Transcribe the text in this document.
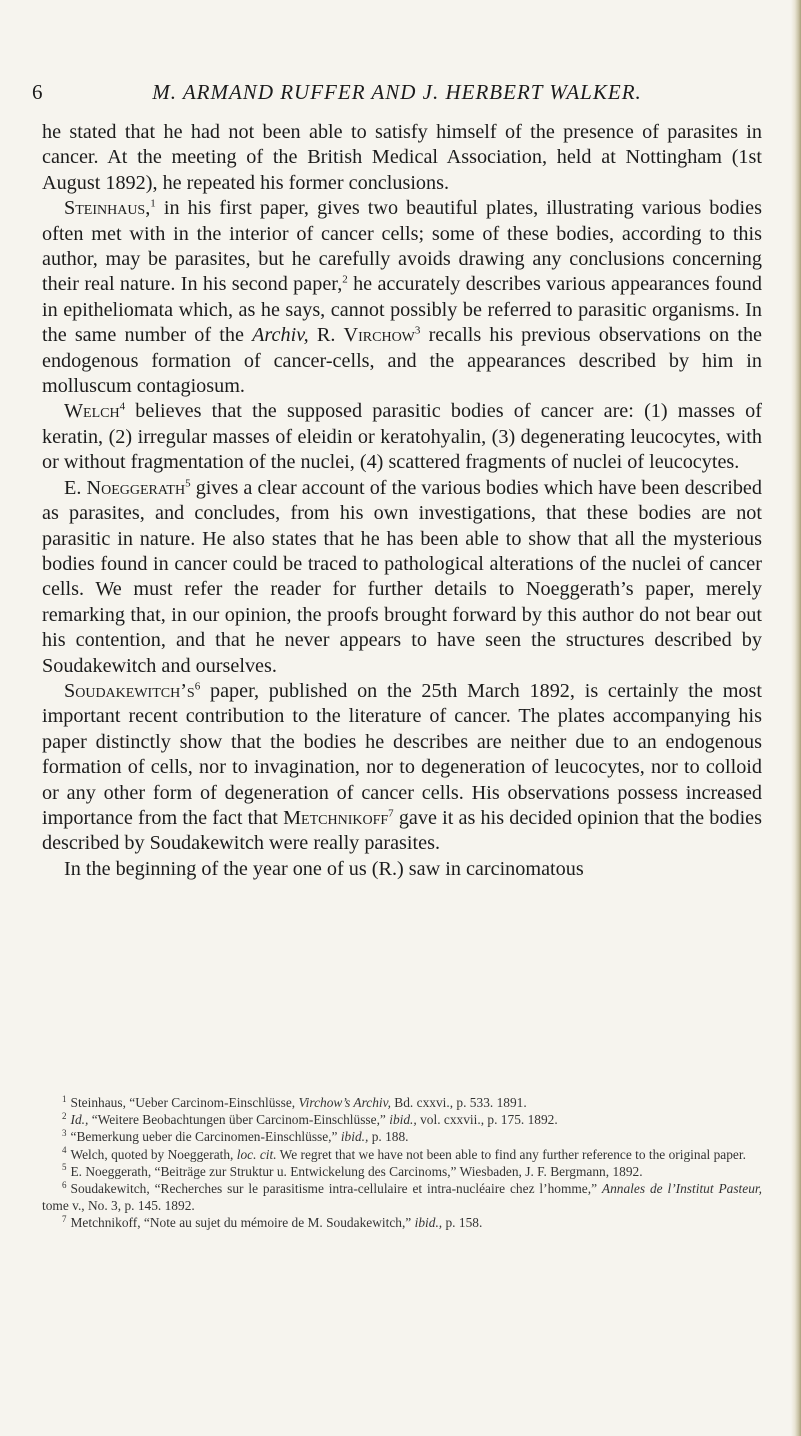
6	M. ARMAND RUFFER AND J. HERBERT WALKER.

he stated that he had not been able to satisfy himself of the presence of parasites in cancer. At the meeting of the British Medical Association, held at Nottingham (1st August 1892), he repeated his former conclusions.

Steinhaus,$^1$ in his first paper, gives two beautiful plates, illustrating various bodies often met with in the interior of cancer cells; some of these bodies, according to this author, may be parasites, but he carefully avoids drawing any conclusions concerning their real nature. In his second paper,$^2$ he accurately describes various appearances found in epitheliomata which, as he says, cannot possibly be referred to parasitic organisms. In the same number of the Archiv, R. Virchow$^3$ recalls his previous observations on the endogenous formation of cancer-cells, and the appearances described by him in molluscum contagiosum.

Welch$^4$ believes that the supposed parasitic bodies of cancer are: (1) masses of keratin, (2) irregular masses of eleidin or keratohyalin, (3) degenerating leucocytes, with or without fragmentation of the nuclei, (4) scattered fragments of nuclei of leucocytes.

E. Noeggerath$^5$ gives a clear account of the various bodies which have been described as parasites, and concludes, from his own investigations, that these bodies are not parasitic in nature. He also states that he has been able to show that all the mysterious bodies found in cancer could be traced to pathological alterations of the nuclei of cancer cells. We must refer the reader for further details to Noeggerath’s paper, merely remarking that, in our opinion, the proofs brought forward by this author do not bear out his contention, and that he never appears to have seen the structures described by Soudakewitch and ourselves.

$Soudakewitch’s^6$ paper, published on the 25th March 1892, is certainly the most important recent contribution to the literature of cancer. The plates accompanying his paper distinctly show that the bodies he describes are neither due to an endogenous formation of cells, nor to invagination, nor to degeneration of leucocytes, nor to colloid or any other form of degeneration of cancer cells. His observations possess increased importance from the fact that Metchnikoff$^7$ gave it as his decided opinion that the bodies described by Soudakewitch were really parasites.

In the beginning of the year one of us (R.) saw in carcinomatous

$^1$ Steinhaus, “Ueber Carcinom-Einschlüsse, Virchow’s Archiv, Bd. cxxvi., p. 533. 1891.

$^2$ Id., “Weitere Beobachtungen über Carcinom-Einschlüsse,” ibid., vol. cxxvii., p. 175. 1892.

$^3$ “Bemerkung ueber die Carcinomen-Einschlüsse,” ibid., p. 188.

$^4$ Welch, quoted by Noeggerath, loc. cit. We regret that we have not been able to find any further reference to the original paper.

$^5$ E. Noeggerath, “Beiträge zur Struktur u. Entwickelung des Carcinoms,” Wiesbaden, J. F. Bergmann, 1892.

$^6$ Soudakewitch, “Recherches sur le parasitisme intra-cellulaire et intra-nucléaire chez l’homme,” Annales de l’Institut Pasteur, tome v., No. 3, p. 145. 1892.

$^7$ Metchnikoff, “Note au sujet du mémoire de M. Soudakewitch,” ibid., p. 158.
